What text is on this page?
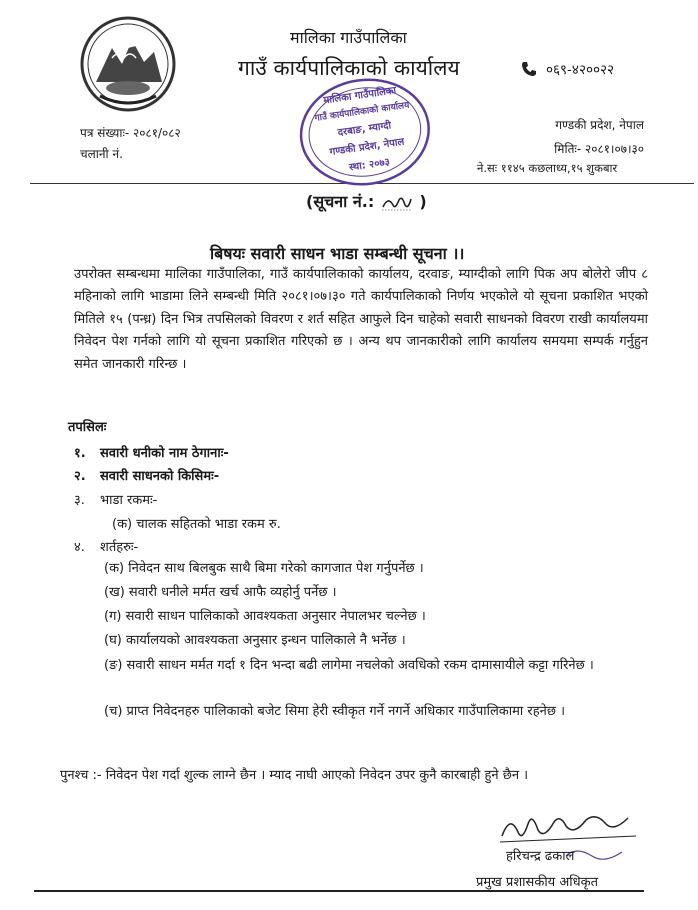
मालिका गाउँपालिका
गाउँ कार्यपालिकाको कार्यालय	०६९-४२००२२
पत्र संख्याः- २०८१/०८२
चलानी नं.
गण्डकी प्रदेश, नेपाल
मितिः- २०८१।०७।३०
ने.सः ११४५ कछलाध्य,१५ शुकबार
मालिका गाउँपालिका
गाउँ कार्यपालिकाको कार्यालय
दरबाङ, म्याग्दी
गण्डकी प्रदेश, नेपाल
स्था: २०७३
(सूचना नं.:	)
बिषयः सवारी साधन भाडा सम्बन्धी सूचना ।।
उपरोक्त सम्बन्धमा मालिका गाउँपालिका, गाउँ कार्यपालिकाको कार्यालय, दरवाङ, म्याग्दीको लागि पिक अप बोलेरो जीप ८ महिनाको लागि भाडामा लिने सम्बन्धी मिति २०८१।०७।३० गते कार्यपालिकाको निर्णय भएकोले यो सूचना प्रकाशित भएको मितिले १५ (पन्ध्र) दिन भित्र तपसिलको विवरण र शर्त सहित आफुले दिन चाहेको सवारी साधनको विवरण राखी कार्यालयमा निवेदन पेश गर्नको लागि यो सूचना प्रकाशित गरिएको छ । अन्य थप जानकारीको लागि कार्यालय समयमा सम्पर्क गर्नुहुन समेत जानकारी गरिन्छ ।
तपसिलः
१. सवारी धनीको नाम ठेगानाः-
२. सवारी साधनको किसिमः-
३. भाडा रकमः-
(क) चालक सहितको भाडा रकम रु.
४. शर्तहरुः-
(क) निवेदन साथ बिलबुक साथै बिमा गरेको कागजात पेश गर्नुपर्नेछ ।
(ख) सवारी धनीले मर्मत खर्च आफै व्यहोर्नु पर्नेछ ।
(ग) सवारी साधन पालिकाको आवश्यकता अनुसार नेपालभर चल्नेछ ।
(घ) कार्यालयको आवश्यकता अनुसार इन्धन पालिकाले नै भर्नेछ ।
(ङ) सवारी साधन मर्मत गर्दा १ दिन भन्दा बढी लागेमा नचलेको अवधिको रकम दामासायीले कट्टा गरिनेछ ।
(च) प्राप्त निवेदनहरु पालिकाको बजेट सिमा हेरी स्वीकृत गर्ने नगर्ने अधिकार गाउँपालिकामा रहनेछ ।
पुनश्च :- निवेदन पेश गर्दा शुल्क लाग्ने छैन । म्याद नाघी आएको निवेदन उपर कुनै कारबाही हुने छैन ।
हरिचन्द्र ढकाल
प्रमुख प्रशासकीय अधिकृत
